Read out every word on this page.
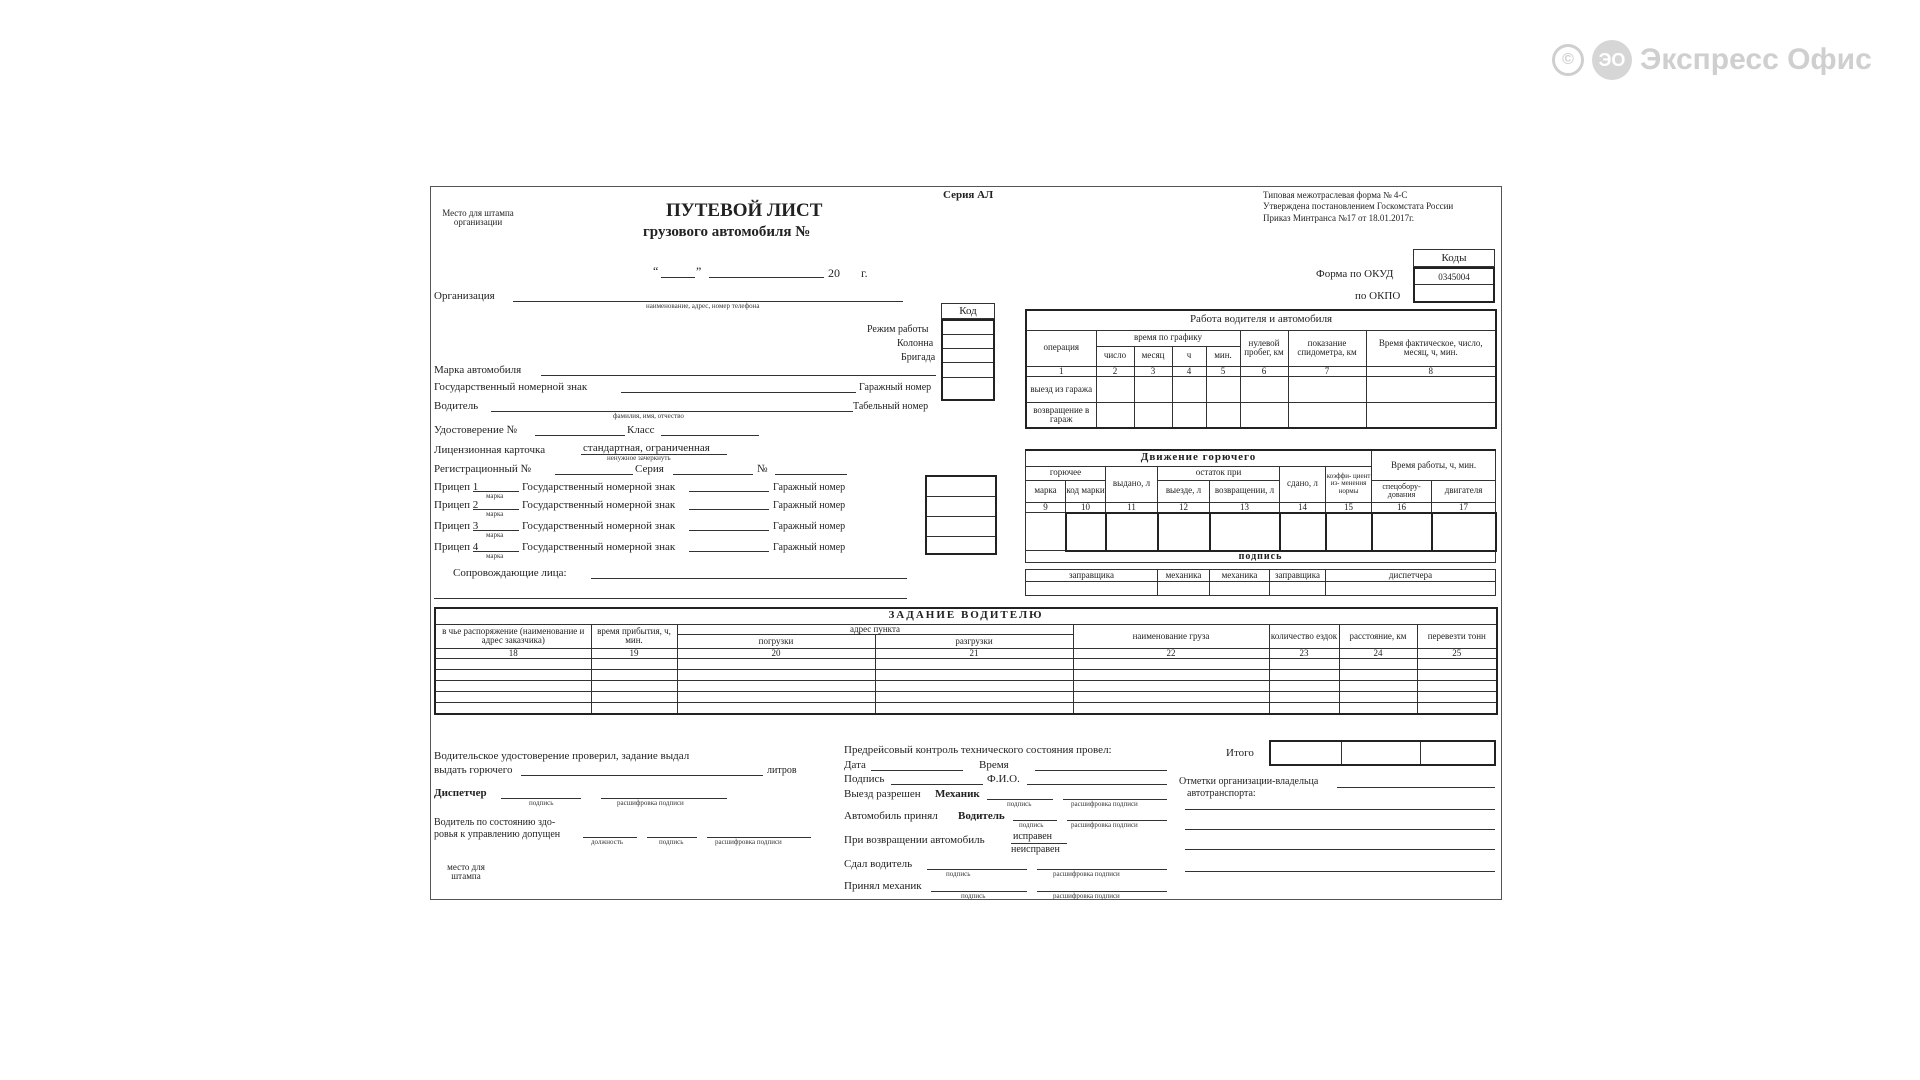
©	ЭО Экспресс Офис
Место для штампа
организации
ПУТЕВОЙ ЛИСТ
грузового автомобиля №
Серия АЛ	Типовая межотраслевая форма № 4-С
Утверждена постановлением Госкомстата России
Приказ Минтранса №17 от 18.01.2017г.
“	”	20 г.
Коды
Форма по ОКУД	0345004
по ОКПО
Организация
наименование, адрес, номер телефона	Код
Режим работы
Колонна
Бригада
Марка автомобиля
Государственный номерной знак	Гаражный номер
Водитель
фамилия, имя, отчество
Табельный номер
Удостоверение №	Класс
Лицензионная карточка	стандартная, ограниченная
ненужное зачеркнуть
Регистрационный №	Серия	№
Прицеп 1
марка
Государственный номерной знак	Гаражный номер
Прицеп 2
марка
Государственный номерной знак	Гаражный номер
Прицеп 3
марка
Государственный номерной знак	Гаражный номер
Прицеп 4
марка
Государственный номерной знак	Гаражный номер
Сопровождающие лица:
Работа водителя и автомобиля							
операция	время по графику				нулевой пробег, км	показание спидометра, км	Время фактическое, число, месяц, ч, мин.
	число	месяц	ч	мин.			
1	2	3	4	5	6	7	8
выезд из гаража							
возвращение в гараж							
Движение горючего							Время работы, ч, мин.	
горючее		выдано, л	остаток при		сдано, л	коэффи- циент из- менения нормы		
марка	код марки		выезде, л	возвращении, л			спецобору- дования	двигателя
9	10	11	12	13	14	15	16	17

подпись								
заправщика	механика	механика	заправщика	диспетчера

ЗАДАНИЕ ВОДИТЕЛЮ							
в чье распоряжение (наименование и адрес заказчика)	время прибытия, ч, мин.	адрес пункта		наименование груза	количество ездок	расстояние, км	перевезти тонн
		погрузки	разгрузки				
18	19	20	21	22	23	24	25

Итого
Водительское удостоверение проверил, задание выдал
выдать горючего	литров
Диспетчер
подпись	расшифровка подписи
Водитель по состоянию здо-
ровья к управлению допущен
должность	подпись	расшифровка подписи
место для
штампа
Предрейсовый контроль технического состояния провел:
Дата	Время
Подпись	Ф.И.О.
Выезд разрешен Механик
подпись	расшифровка подписи
Автомобиль принял Водитель
подпись	расшифровка подписи
При возвращении автомобиль	исправен
неисправен
Сдал водитель
подпись	расшифровка подписи
Принял механик
подпись	расшифровка подписи
Отметки организации-владельца
автотранспорта:
